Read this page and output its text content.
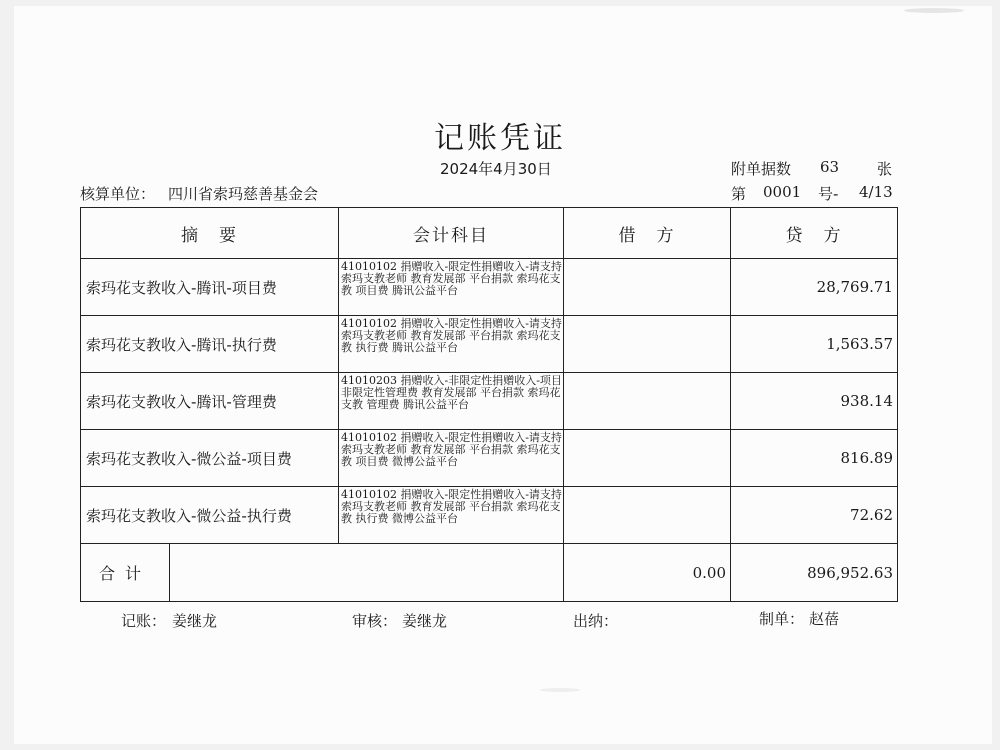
记账凭证
2024年4月30日	附单据数 63	张
核算单位： 四川省索玛慈善基金会	第 0001 号- 4/13
摘　要	会计科目	借　方	贷　方
索玛花支教收入-腾讯-项目费	41010102 捐赠收入-限定性捐赠收入-请支持索玛支教老师 教育发展部 平台捐款 索玛花支教 项目费 腾讯公益平台		28,769.71
索玛花支教收入-腾讯-执行费	41010102 捐赠收入-限定性捐赠收入-请支持索玛支教老师 教育发展部 平台捐款 索玛花支教 执行费 腾讯公益平台		1,563.57
索玛花支教收入-腾讯-管理费	41010203 捐赠收入-非限定性捐赠收入-项目非限定性管理费 教育发展部 平台捐款 索玛花支教 管理费 腾讯公益平台		938.14
索玛花支教收入-微公益-项目费	41010102 捐赠收入-限定性捐赠收入-请支持索玛支教老师 教育发展部 平台捐款 索玛花支教 项目费 微博公益平台		816.89
索玛花支教收入-微公益-执行费	41010102 捐赠收入-限定性捐赠收入-请支持索玛支教老师 教育发展部 平台捐款 索玛花支教 执行费 微博公益平台		72.62

合计		0.00	896,952.63
记账： 姜继龙	审核： 姜继龙	出纳：	制单： 赵蓓
